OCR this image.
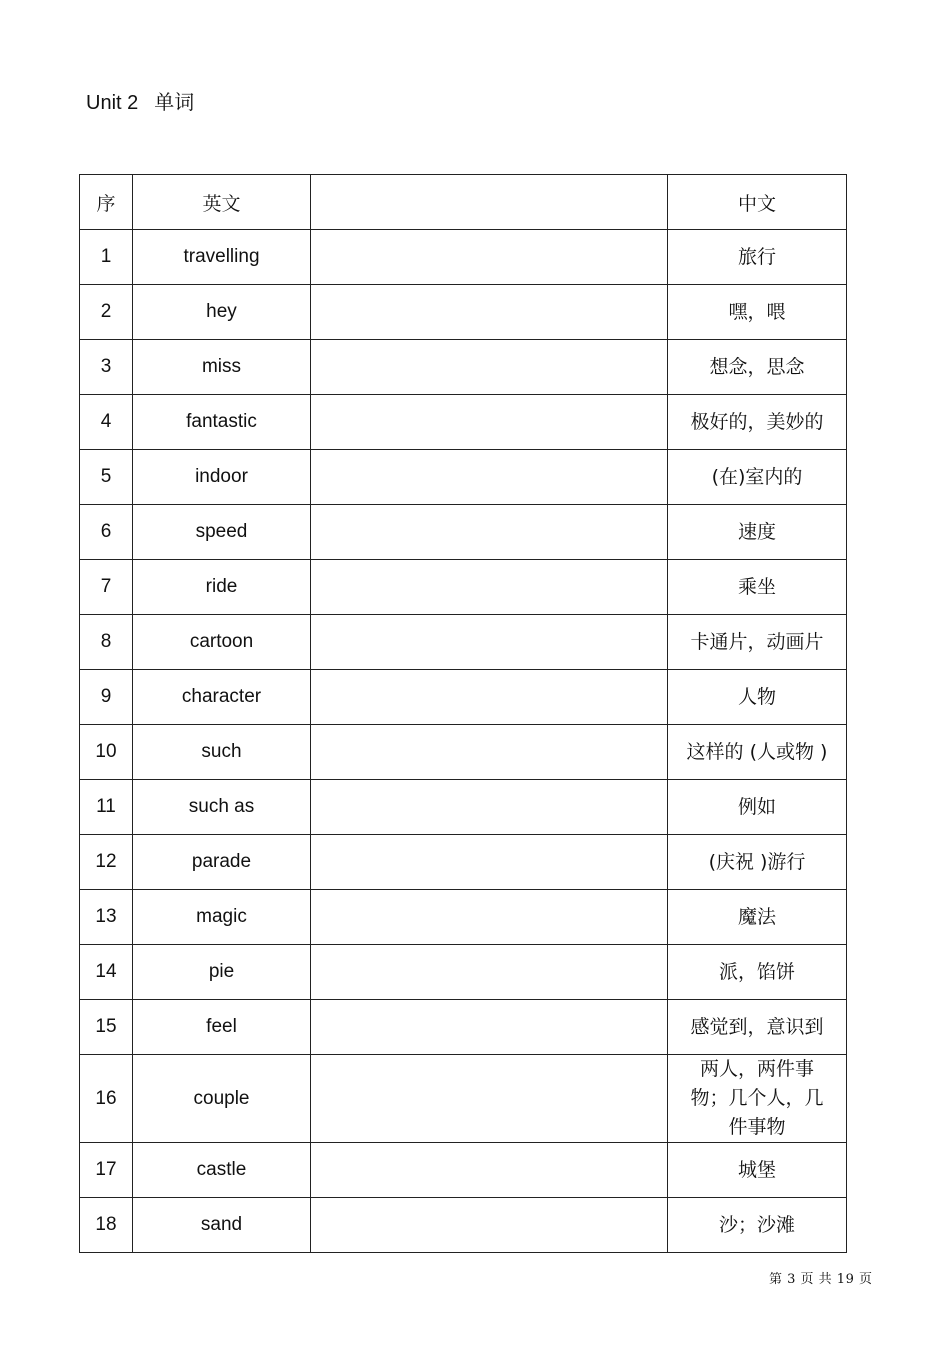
Unit 2 单词
序	英文		中文
1	travelling		旅行
2	hey		嘿，喂
3	miss		想念，思念
4	fantastic		极好的，美妙的
5	indoor		(在)室内的
6	speed		速度
7	ride		乘坐
8	cartoon		卡通片，动画片
9	character		人物
10	such		这样的 (人或物 )
11	such as		例如
12	parade		(庆祝 )游行
13	magic		魔法
14	pie		派，馅饼
15	feel		感觉到，意识到
16	couple		两人，两件事物；几个人，几件事物
17	castle		城堡
18	sand		沙；沙滩
第 3 页 共 19 页
